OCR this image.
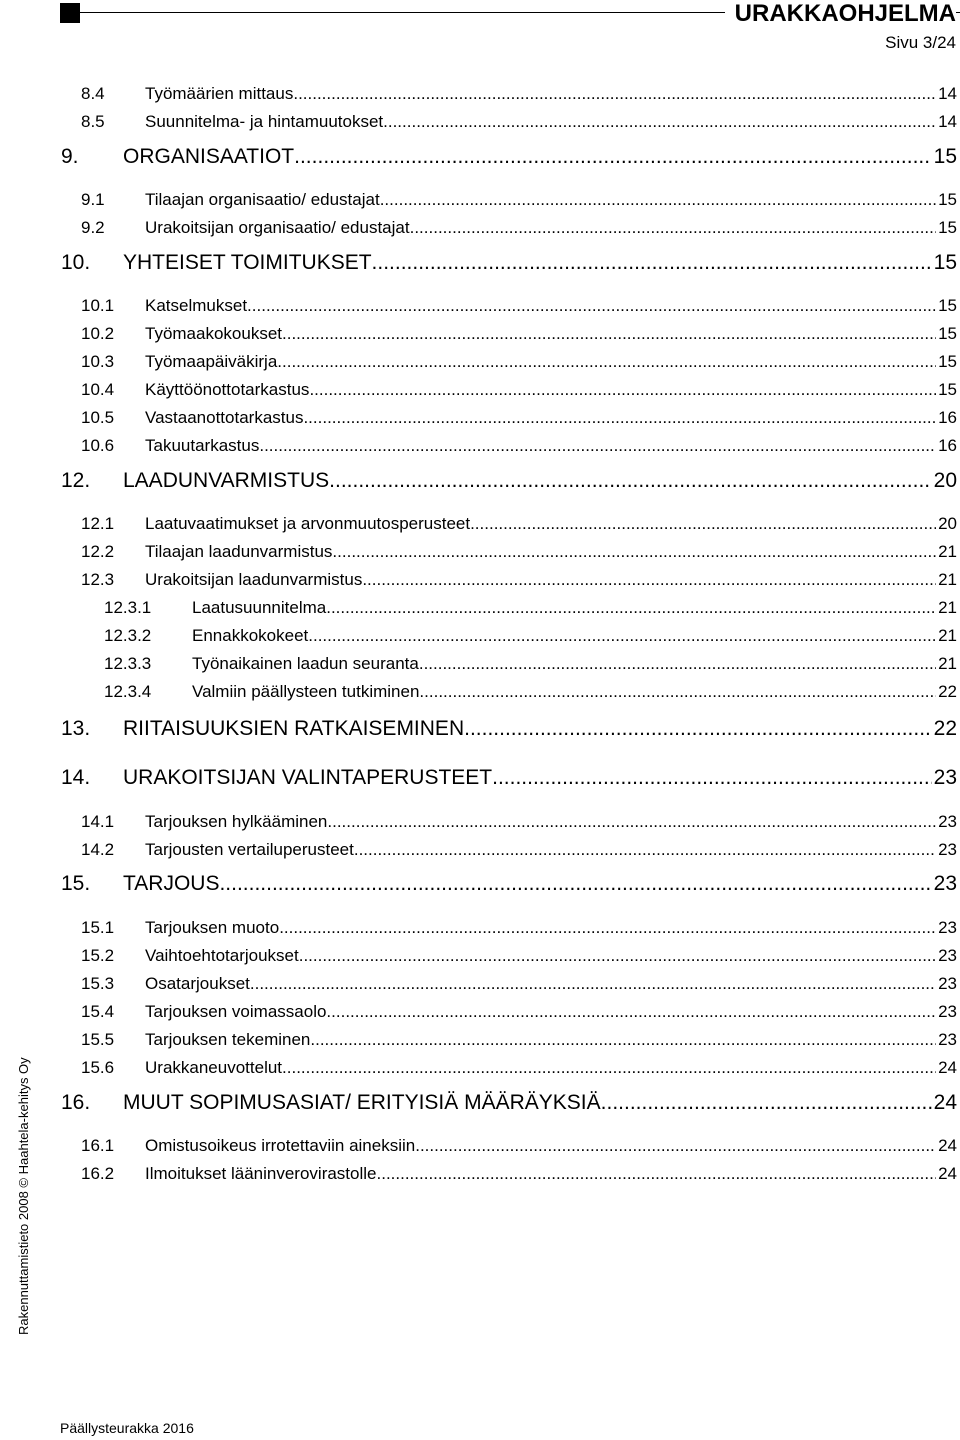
URAKKAOHJELMA
Sivu 3/24
8.4 Työmäärien mittaus .....	14
8.5 Suunnitelma- ja hintamuutokset .....	14
9. ORGANISAATIOT .....	15
9.1 Tilaajan organisaatio/ edustajat .....	15
9.2 Urakoitsijan organisaatio/ edustajat .....	15
10. YHTEISET TOIMITUKSET .....	15
10.1 Katselmukset .....	15
10.2 Työmaakokoukset .....	15
10.3 Työmaapäiväkirja .....	15
10.4 Käyttöönottotarkastus .....	15
10.5 Vastaanottotarkastus .....	16
10.6 Takuutarkastus .....	16
12. LAADUNVARMISTUS .....	20
12.1 Laatuvaatimukset ja arvonmuutosperusteet .....	20
12.2 Tilaajan laadunvarmistus .....	21
12.3 Urakoitsijan laadunvarmistus .....	21
12.3.1 Laatusuunnitelma .....	21
12.3.2 Ennakkokokeet .....	21
12.3.3 Työnaikainen laadun seuranta .....	21
12.3.4 Valmiin päällysteen tutkiminen .....	22
13. RIITAISUUKSIEN RATKAISEMINEN .....	22
14. URAKOITSIJAN VALINTAPERUSTEET .....	23
14.1 Tarjouksen hylkääminen .....	23
14.2 Tarjousten vertailuperusteet .....	23
15. TARJOUS .....	23
15.1 Tarjouksen muoto .....	23
15.2 Vaihtoehtotarjoukset .....	23
15.3 Osatarjoukset .....	23
15.4 Tarjouksen voimassaolo .....	23
15.5 Tarjouksen tekeminen .....	23
15.6 Urakkaneuvottelut .....	24
16. MUUT SOPIMUSASIAT/ ERITYISIÄ MÄÄRÄYKSIÄ .....	24
16.1 Omistusoikeus irrotettaviin aineksiin .....	24
16.2 Ilmoitukset lääninverovirastolle .....	24
Rakennuttamistieto 2008 © Haahtela-kehitys Oy
Päällysteurakka 2016
